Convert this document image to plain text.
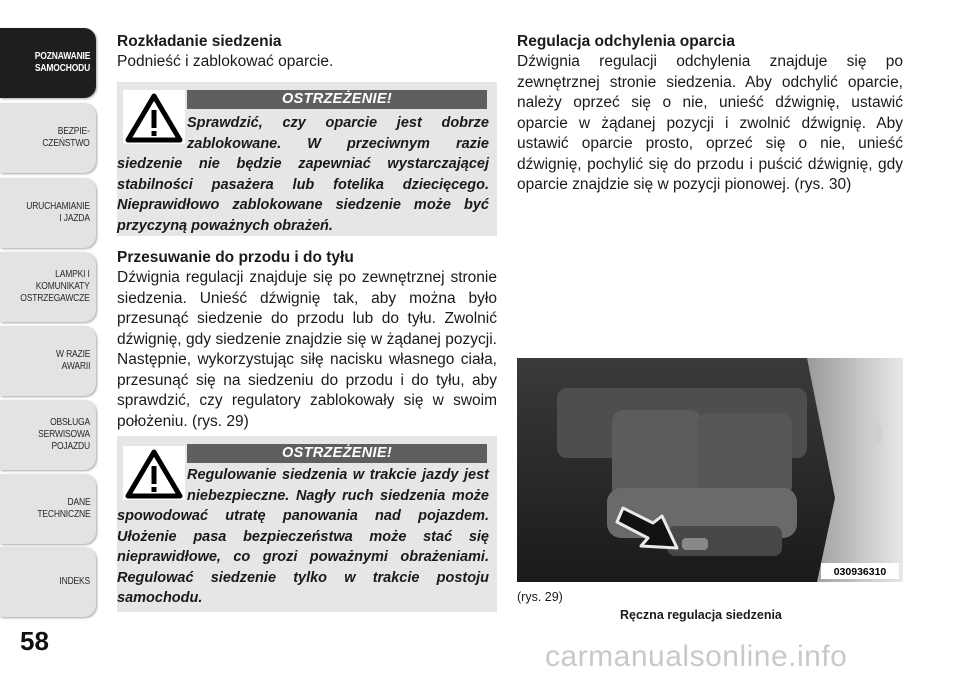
POZNAWANIE
SAMOCHODU
BEZPIE-
CZEŃSTWO
URUCHAMIANIE
I JAZDA
LAMPKI I
KOMUNIKATY
OSTRZEGAWCZE
W RAZIE
AWARII
OBSŁUGA
SERWISOWA
POJAZDU
DANE
TECHNICZNE
INDEKS
58
Rozkładanie siedzenia

Podnieść i zablokować oparcie.

OSTRZEŻENIE!

Sprawdzić, czy oparcie jest dobrze zablokowane. W przeciwnym razie siedzenie nie będzie zapewniać wystarczającej stabilności pasażera lub fotelika dziecięcego. Nieprawidłowo zablokowane siedzenie może być przyczyną poważnych obrażeń.

Przesuwanie do przodu i do tyłu

Dźwignia regulacji znajduje się po zewnętrznej stronie siedzenia. Unieść dźwignię tak, aby można było przesunąć siedzenie do przodu lub do tyłu. Zwolnić dźwignię, gdy siedzenie znajdzie się w żądanej pozycji. Następnie, wykorzystując siłę nacisku własnego ciała, przesunąć się na siedzeniu do przodu i do tyłu, aby sprawdzić, czy regulatory zablokowały się w swoim położeniu. (rys. 29)

OSTRZEŻENIE!

Regulowanie siedzenia w trakcie jazdy jest niebezpieczne. Nagły ruch siedzenia może spowodować utratę panowania nad pojazdem. Ułożenie pasa bezpieczeństwa może stać się nieprawidłowe, co grozi poważnymi obrażeniami. Regulować siedzenie tylko w trakcie postoju samochodu.

Regulacja odchylenia oparcia

Dźwignia regulacji odchylenia znajduje się po zewnętrznej stronie siedzenia. Aby odchylić oparcie, należy oprzeć się o nie, unieść dźwignię, ustawić oparcie w żądanej pozycji i zwolnić dźwignię. Aby ustawić oparcie prosto, oprzeć się o nie, unieść dźwignię, pochylić się do przodu i puścić dźwignię, gdy oparcie znajdzie się w pozycji pionowej. (rys. 30)

030936310
(rys. 29)
Ręczna regulacja siedzenia
carmanualsonline.info
